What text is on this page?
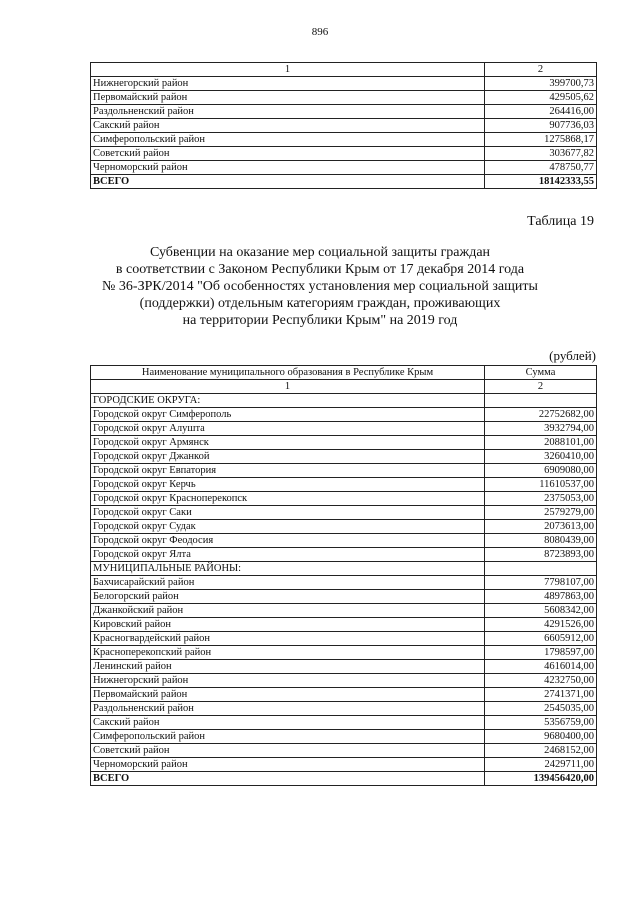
896
1	2
Нижнегорский район	399700,73
Первомайский район	429505,62
Раздольненский район	264416,00
Сакский район	907736,03
Симферопольский район	1275868,17
Советский район	303677,82
Черноморский район	478750,77
ВСЕГО	18142333,55
Таблица 19
Субвенции на оказание мер социальной защиты граждан
в соответствии с Законом Республики Крым от 17 декабря 2014 года
№ 36-ЗРК/2014 "Об особенностях установления мер социальной защиты
(поддержки) отдельным категориям граждан, проживающих
на территории Республики Крым" на 2019 год
(рублей)
Наименование муниципального образования в Республике Крым	Сумма
1	2
ГОРОДСКИЕ ОКРУГА:	
Городской округ Симферополь	22752682,00
Городской округ Алушта	3932794,00
Городской округ Армянск	2088101,00
Городской округ Джанкой	3260410,00
Городской округ Евпатория	6909080,00
Городской округ Керчь	11610537,00
Городской округ Красноперекопск	2375053,00
Городской округ Саки	2579279,00
Городской округ Судак	2073613,00
Городской округ Феодосия	8080439,00
Городской округ Ялта	8723893,00
МУНИЦИПАЛЬНЫЕ РАЙОНЫ:	
Бахчисарайский район	7798107,00
Белогорский район	4897863,00
Джанкойский район	5608342,00
Кировский район	4291526,00
Красногвардейский район	6605912,00
Красноперекопский район	1798597,00
Ленинский район	4616014,00
Нижнегорский район	4232750,00
Первомайский район	2741371,00
Раздольненский район	2545035,00
Сакский район	5356759,00
Симферопольский район	9680400,00
Советский район	2468152,00
Черноморский район	2429711,00
ВСЕГО	139456420,00
